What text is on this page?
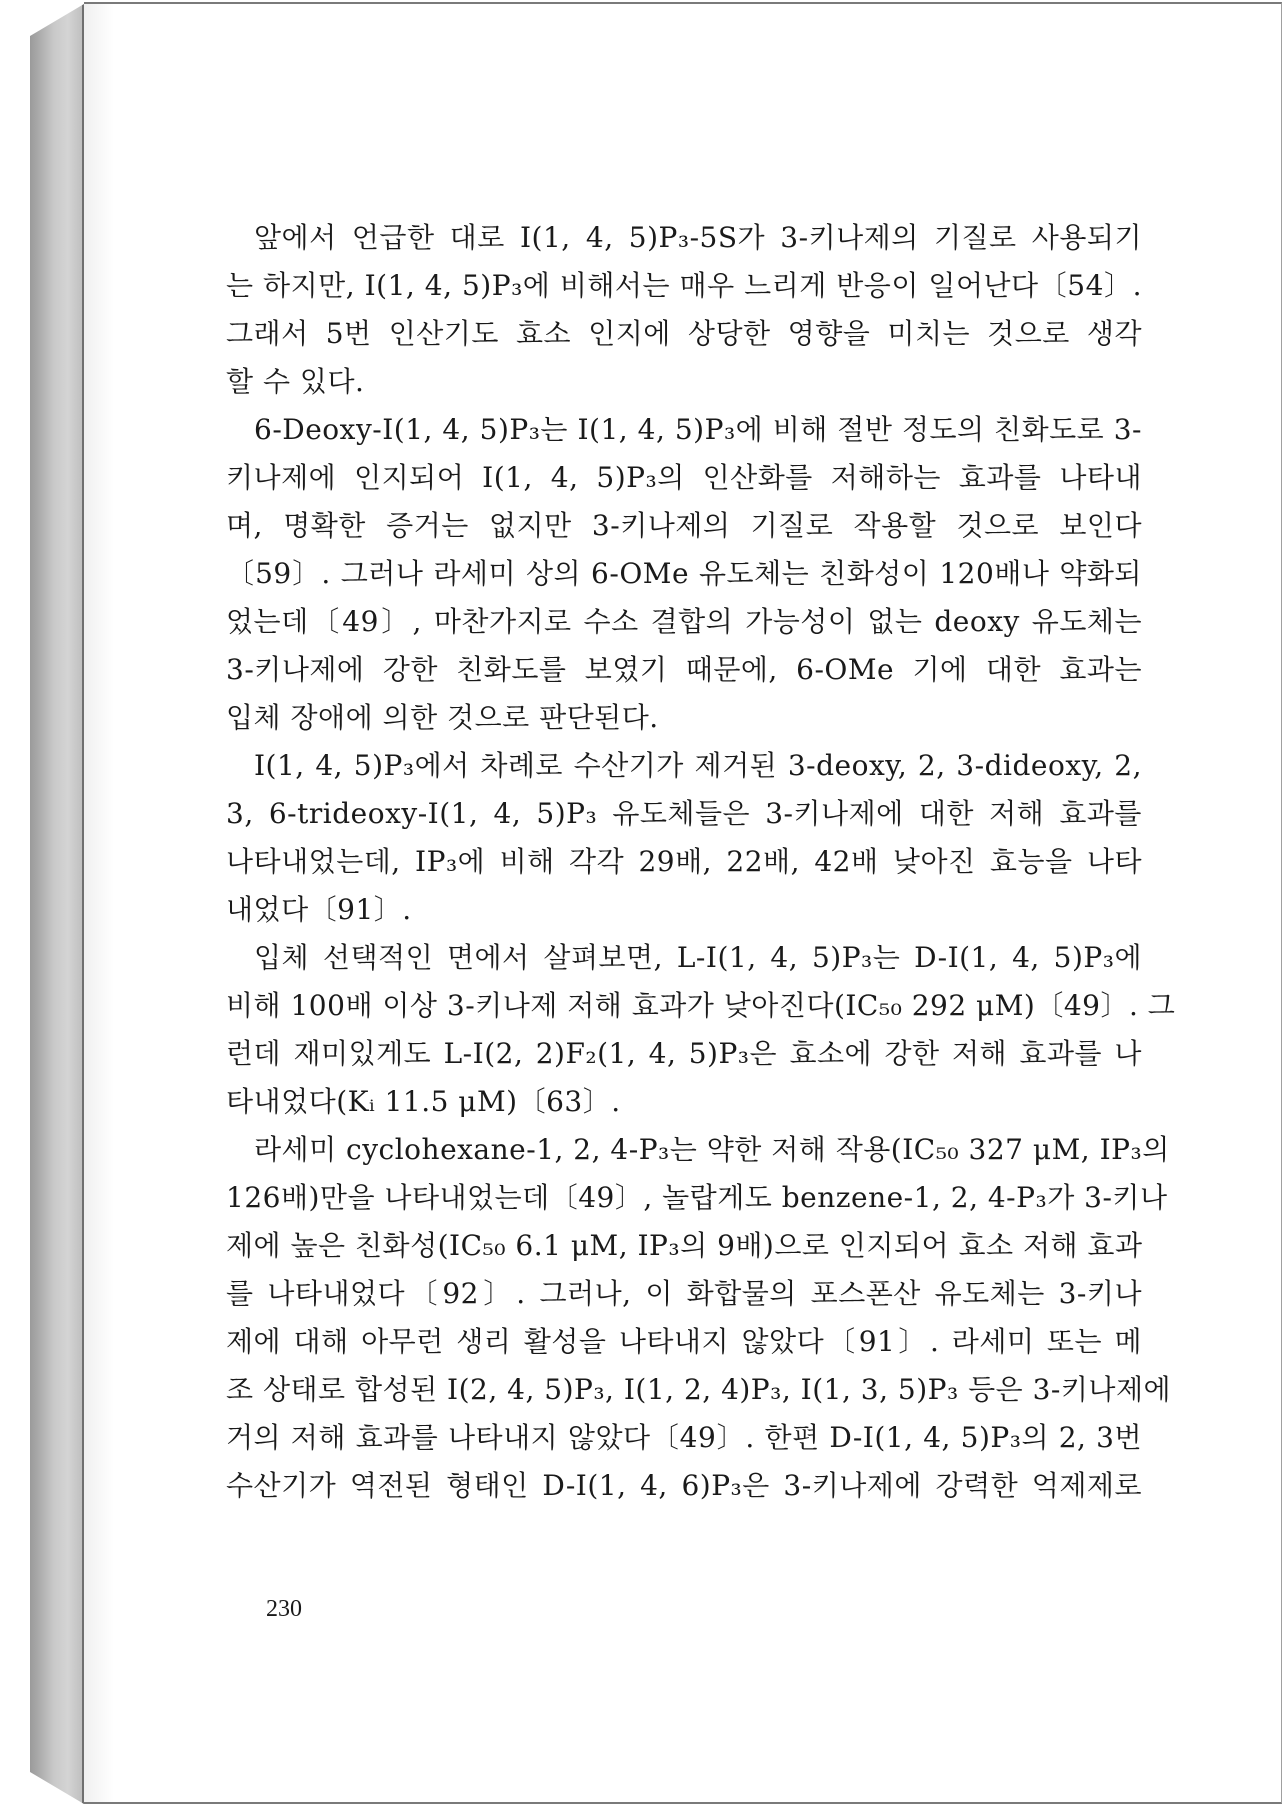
앞에서 언급한 대로 I(1, 4, 5)P₃-5S가 3-키나제의 기질로 사용되기
는 하지만, I(1, 4, 5)P₃에 비해서는 매우 느리게 반응이 일어난다〔54〕.
그래서 5번 인산기도 효소 인지에 상당한 영향을 미치는 것으로 생각
할 수 있다.
6-Deoxy-I(1, 4, 5)P₃는 I(1, 4, 5)P₃에 비해 절반 정도의 친화도로 3-
키나제에 인지되어 I(1, 4, 5)P₃의 인산화를 저해하는 효과를 나타내
며, 명확한 증거는 없지만 3-키나제의 기질로 작용할 것으로 보인다
〔59〕. 그러나 라세미 상의 6-OMe 유도체는 친화성이 120배나 약화되
었는데〔49〕, 마찬가지로 수소 결합의 가능성이 없는 deoxy 유도체는
3-키나제에 강한 친화도를 보였기 때문에, 6-OMe 기에 대한 효과는
입체 장애에 의한 것으로 판단된다.
I(1, 4, 5)P₃에서 차례로 수산기가 제거된 3-deoxy, 2, 3-dideoxy, 2,
3, 6-trideoxy-I(1, 4, 5)P₃ 유도체들은 3-키나제에 대한 저해 효과를
나타내었는데, IP₃에 비해 각각 29배, 22배, 42배 낮아진 효능을 나타
내었다〔91〕.
입체 선택적인 면에서 살펴보면, L-I(1, 4, 5)P₃는 D-I(1, 4, 5)P₃에
비해 100배 이상 3-키나제 저해 효과가 낮아진다(IC₅₀ 292 μM)〔49〕. 그
런데 재미있게도 L-I(2, 2)F₂(1, 4, 5)P₃은 효소에 강한 저해 효과를 나
타내었다(Kᵢ 11.5 μM)〔63〕.
라세미 cyclohexane-1, 2, 4-P₃는 약한 저해 작용(IC₅₀ 327 μM, IP₃의
126배)만을 나타내었는데〔49〕, 놀랍게도 benzene-1, 2, 4-P₃가 3-키나
제에 높은 친화성(IC₅₀ 6.1 μM, IP₃의 9배)으로 인지되어 효소 저해 효과
를 나타내었다〔92〕. 그러나, 이 화합물의 포스폰산 유도체는 3-키나
제에 대해 아무런 생리 활성을 나타내지 않았다〔91〕. 라세미 또는 메
조 상태로 합성된 I(2, 4, 5)P₃, I(1, 2, 4)P₃, I(1, 3, 5)P₃ 등은 3-키나제에
거의 저해 효과를 나타내지 않았다〔49〕. 한편 D-I(1, 4, 5)P₃의 2, 3번
수산기가 역전된 형태인 D-I(1, 4, 6)P₃은 3-키나제에 강력한 억제제로
230
